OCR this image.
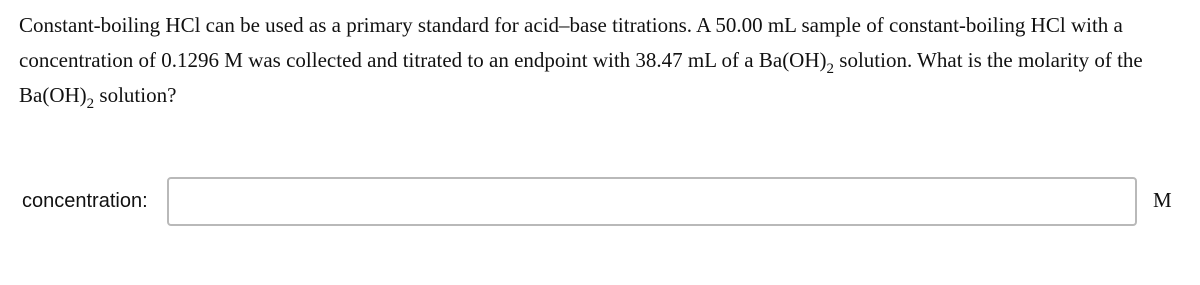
Constant-boiling HCl can be used as a primary standard for acid–base titrations. A 50.00 mL sample of constant-boiling HCl with a concentration of 0.1296 M was collected and titrated to an endpoint with 38.47 mL of a $Ba(OH)_2$ solution. What is the molarity of the $Ba(OH)_2$ solution?

concentration:	M
